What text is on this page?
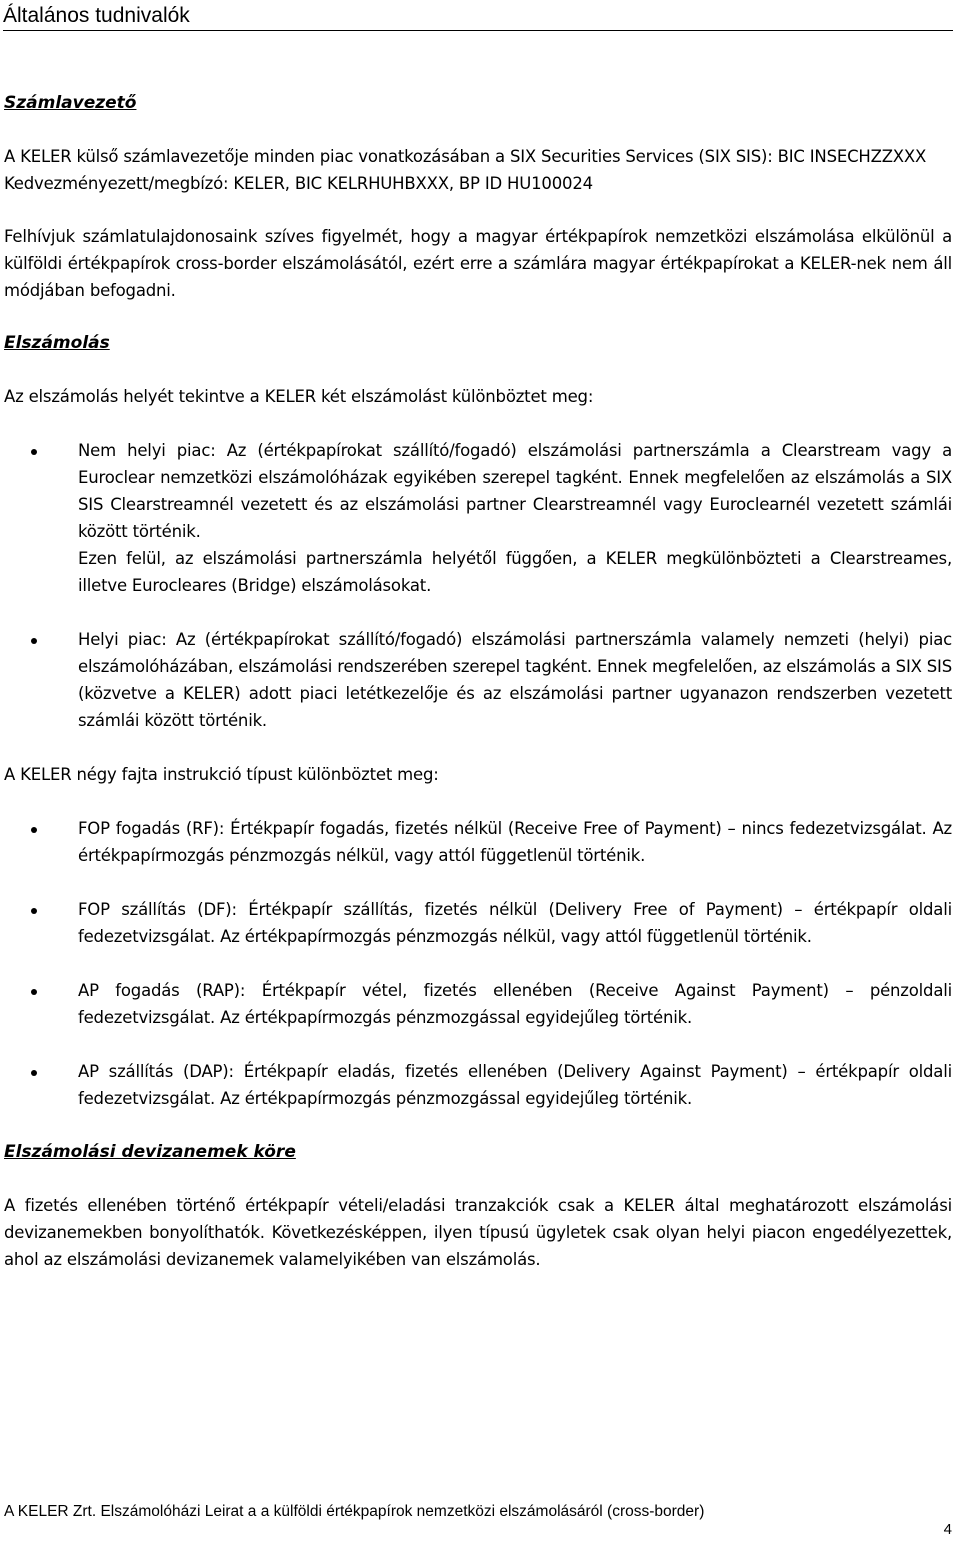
Általános tudnivalók
Számlavezető

A KELER külső számlavezetője minden piac vonatkozásában a SIX Securities Services (SIX SIS): BIC INSECHZZXXX

Kedvezményezett/megbízó: KELER, BIC KELRHUHBXXX, BP ID HU100024

Felhívjuk számlatulajdonosaink szíves figyelmét, hogy a magyar értékpapírok nemzetközi elszámolása elkülönül a külföldi értékpapírok cross-border elszámolásától, ezért erre a számlára magyar értékpapírokat a KELER-nek nem áll módjában befogadni.

Elszámolás

Az elszámolás helyét tekintve a KELER két elszámolást különböztet meg:

Nem helyi piac: Az (értékpapírokat szállító/fogadó) elszámolási partnerszámla a Clearstream vagy a Euroclear nemzetközi elszámolóházak egyikében szerepel tagként. Ennek megfelelően az elszámolás a SIX SIS Clearstreamnél vezetett és az elszámolási partner Clearstreamnél vagy Euroclearnél vezetett számlái között történik.

Ezen felül, az elszámolási partnerszámla helyétől függően, a KELER megkülönbözteti a Clearstreames, illetve Eurocleares (Bridge) elszámolásokat.

Helyi piac: Az (értékpapírokat szállító/fogadó) elszámolási partnerszámla valamely nemzeti (helyi) piac elszámolóházában, elszámolási rendszerében szerepel tagként. Ennek megfelelően, az elszámolás a SIX SIS (közvetve a KELER) adott piaci letétkezelője és az elszámolási partner ugyanazon rendszerben vezetett számlái között történik.

A KELER négy fajta instrukció típust különböztet meg:

FOP fogadás (RF): Értékpapír fogadás, fizetés nélkül (Receive Free of Payment) – nincs fedezetvizsgálat. Az értékpapírmozgás pénzmozgás nélkül, vagy attól függetlenül történik.

FOP szállítás (DF): Értékpapír szállítás, fizetés nélkül (Delivery Free of Payment) – értékpapír oldali fedezetvizsgálat. Az értékpapírmozgás pénzmozgás nélkül, vagy attól függetlenül történik.

AP fogadás (RAP): Értékpapír vétel, fizetés ellenében (Receive Against Payment) – pénzoldali fedezetvizsgálat. Az értékpapírmozgás pénzmozgással egyidejűleg történik.

AP szállítás (DAP): Értékpapír eladás, fizetés ellenében (Delivery Against Payment) – értékpapír oldali fedezetvizsgálat. Az értékpapírmozgás pénzmozgással egyidejűleg történik.

Elszámolási devizanemek köre

A fizetés ellenében történő értékpapír vételi/eladási tranzakciók csak a KELER által meghatározott elszámolási devizanemekben bonyolíthatók. Következésképpen, ilyen típusú ügyletek csak olyan helyi piacon engedélyezettek, ahol az elszámolási devizanemek valamelyikében van elszámolás.

A KELER Zrt. Elszámolóházi Leirat a a külföldi értékpapírok nemzetközi elszámolásáról (cross-border)
4
